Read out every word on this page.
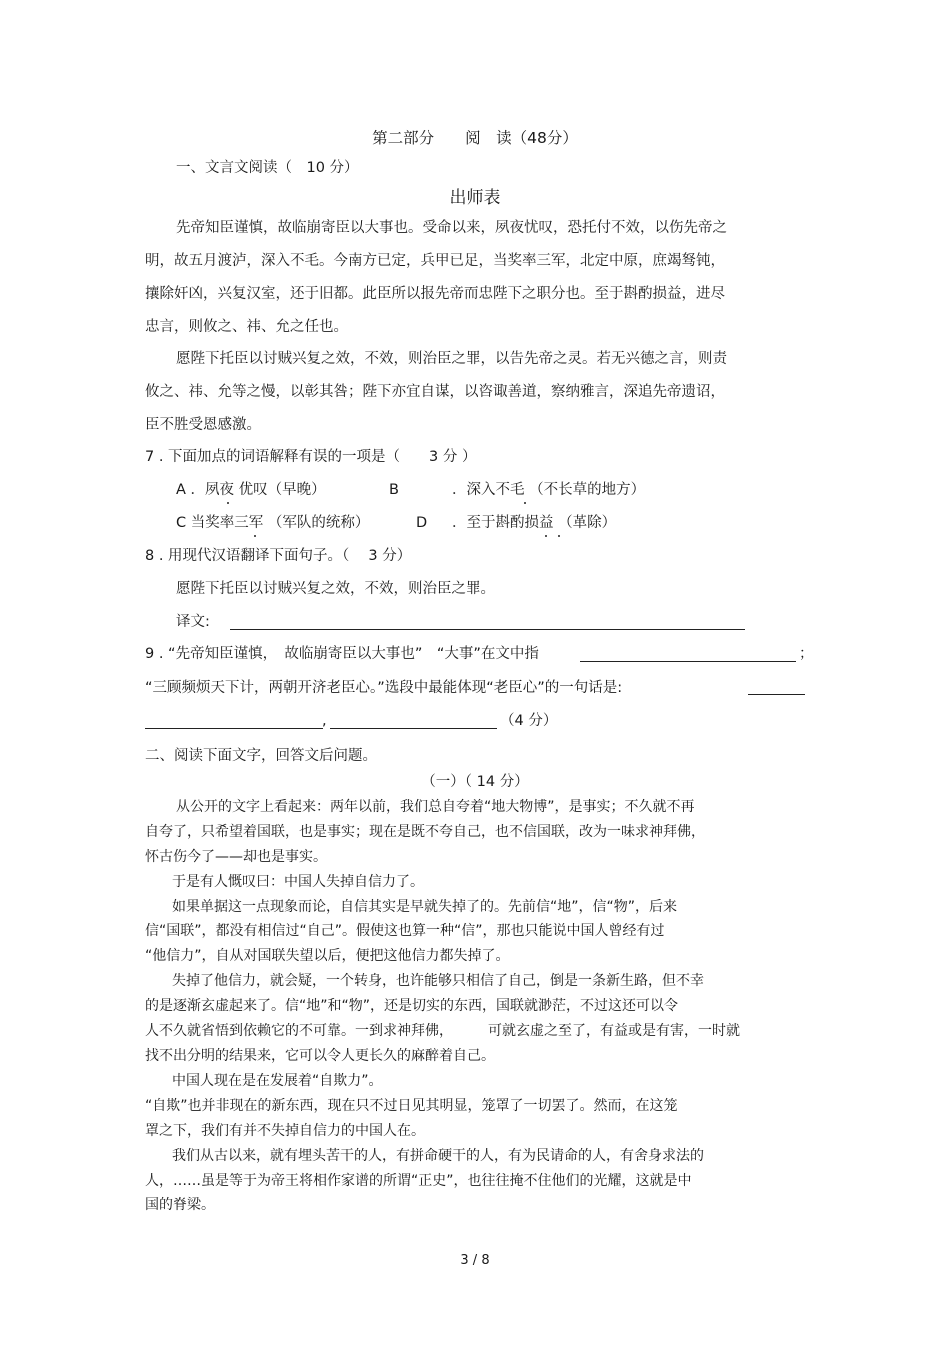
第二部分　　阅　读（48分）
一、文言文阅读（　10 分）
出师表
先帝知臣谨慎，故临崩寄臣以大事也。受命以来，夙夜忧叹，恐托付不效，以伤先帝之
明，故五月渡泸，深入不毛。今南方已定，兵甲已足，当奖率三军，北定中原，庶竭驽钝，
攘除奸凶，兴复汉室，还于旧都。此臣所以报先帝而忠陛下之职分也。至于斟酌损益，进尽
忠言，则攸之、祎、允之任也。
愿陛下托臣以讨贼兴复之效，不效，则治臣之罪，以告先帝之灵。若无兴德之言，则责
攸之、祎、允等之慢，以彰其咎；陛下亦宜自谋，以咨诹善道，察纳雅言，深追先帝遗诏，
臣不胜受恩感激。
7 . 下面加点的词语解释有误的一项是（　　3 分 ）
A ．夙夜 优叹（早晚）	B	．深入不毛 （不长草的地方）
C 当奖率三军 （军队的统称）	D ．至于斟酌损益 （革除）
8 . 用现代汉语翻译下面句子。（　 3 分）
愿陛下托臣以讨贼兴复之效，不效，则治臣之罪。
译文:
9 . “先帝知臣谨慎，　故临崩寄臣以大事也”　“大事”在文中指	；
“三顾频烦天下计，两朝开济老臣心。”选段中最能体现“老臣心”的一句话是:
,	（4 分）
二、阅读下面文字，回答文后问题。
（一）（ 14 分）
从公开的文字上看起来：两年以前，我们总自夸着“地大物博”，是事实；不久就不再
自夸了，只希望着国联，也是事实；现在是既不夸自己，也不信国联，改为一味求神拜佛，
怀古伤今了——却也是事实。
于是有人慨叹曰：中国人失掉自信力了。
如果单据这一点现象而论，自信其实是早就失掉了的。先前信“地”，信“物”，后来
信“国联”，都没有相信过“自己”。假使这也算一种“信”，那也只能说中国人曾经有过
“他信力”，自从对国联失望以后，便把这他信力都失掉了。
失掉了他信力，就会疑，一个转身，也许能够只相信了自己，倒是一条新生路，但不幸
的是逐渐玄虚起来了。信“地”和“物”，还是切实的东西，国联就渺茫，不过这还可以令
人不久就省悟到依赖它的不可靠。一到求神拜佛，　　　可就玄虚之至了，有益或是有害，一时就
找不出分明的结果来，它可以令人更长久的麻醉着自己。
中国人现在是在发展着“自欺力”。
“自欺”也并非现在的新东西，现在只不过日见其明显，笼罩了一切罢了。然而，在这笼
罩之下，我们有并不失掉自信力的中国人在。
我们从古以来，就有埋头苦干的人，有拼命硬干的人，有为民请命的人，有舍身求法的
人，……虽是等于为帝王将相作家谱的所谓“正史”，也往往掩不住他们的光耀，这就是中
国的脊梁。
3 / 8
